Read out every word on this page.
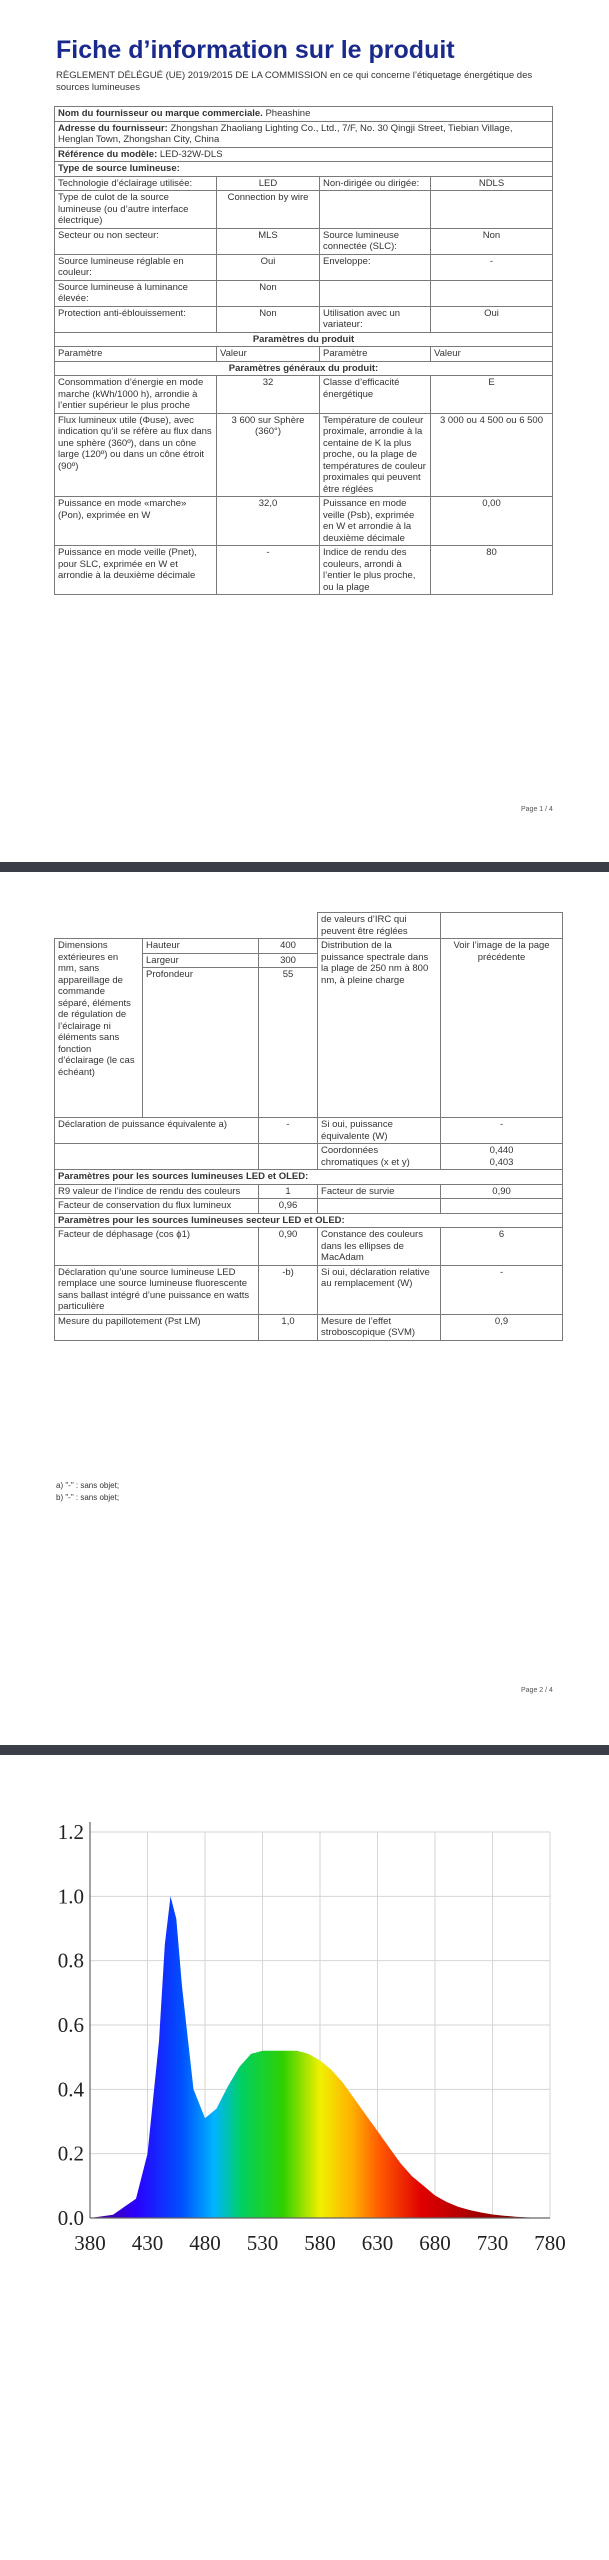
Fiche d’information sur le produit
RÈGLEMENT DÉLÉGUÉ (UE) 2019/2015 DE LA COMMISSION en ce qui concerne l’étiquetage énergétique des sources lumineuses
Nom du fournisseur ou marque commerciale. Pheashine			
Adresse du fournisseur: Zhongshan Zhaoliang Lighting Co., Ltd., 7/F, No. 30 Qingji Street, Tiebian Village, Henglan Town, Zhongshan City, China			
Référence du modèle: LED-32W-DLS			
Type de source lumineuse:			
Technologie d’éclairage utilisée:	LED	Non-dirigée ou dirigée:	NDLS
Type de culot de la source lumineuse (ou d’autre interface électrique)	Connection by wire		
Secteur ou non secteur:	MLS	Source lumineuse connectée (SLC):	Non
Source lumineuse réglable en couleur:	Oui	Enveloppe:	-
Source lumineuse à luminance élevée:	Non		
Protection anti-éblouissement:	Non	Utilisation avec un variateur:	Oui
Paramètres du produit			
Paramètre	Valeur	Paramètre	Valeur
Paramètres généraux du produit:			
Consommation d’énergie en mode marche (kWh/1000 h), arrondie à l’entier supérieur le plus proche	32	Classe d’efficacité énergétique	E
Flux lumineux utile (Φuse), avec indication qu’il se réfère au flux dans une sphère (360º), dans un cône large (120º) ou dans un cône étroit (90º)	3 600 sur Sphère (360°)	Température de couleur proximale, arrondie à la centaine de K la plus proche, ou la plage de températures de couleur proximales qui peuvent être réglées	3 000 ou 4 500 ou 6 500
Puissance en mode «marche» (Pon), exprimée en W	32,0	Puissance en mode veille (Psb), exprimée en W et arrondie à la deuxième décimale	0,00
Puissance en mode veille (Pnet), pour SLC, exprimée en W et arrondie à la deuxième décimale	-	Indice de rendu des couleurs, arrondi à l’entier le plus proche, ou la plage	80
Page 1 / 4
			de valeurs d’IRC qui peuvent être réglées	
Dimensions extérieures en mm, sans appareillage de commande séparé, éléments de régulation de l’éclairage ni éléments sans fonction d’éclairage (le cas échéant)	Hauteur	400	Distribution de la puissance spectrale dans la plage de 250 nm à 800 nm, à pleine charge	Voir l’image de la page précédente
	Largeur	300		
	Profondeur	55		
Déclaration de puissance équivalente a)		-	Si oui, puissance équivalente (W)	-
			Coordonnées chromatiques (x et y)	0,440
0,403
Paramètres pour les sources lumineuses LED et OLED:				
R9 valeur de l’indice de rendu des couleurs		1	Facteur de survie	0,90
Facteur de conservation du flux lumineux		0,96		
Paramètres pour les sources lumineuses secteur LED et OLED:				
Facteur de déphasage (cos ϕ1)		0,90	Constance des couleurs dans les ellipses de MacAdam	6
Déclaration qu’une source lumineuse LED remplace une source lumineuse fluorescente sans ballast intégré d’une puissance en watts particulière		-b)	Si oui, déclaration relative au remplacement (W)	-
Mesure du papillotement (Pst LM)		1,0	Mesure de l’effet stroboscopique (SVM)	0,9
a) "-" : sans objet;
b) "-" : sans objet;
Page 2 / 4
0.0
0.2
0.4
0.6
0.8
1.0
1.2
380 430 480 530 580 630 680 730 780
